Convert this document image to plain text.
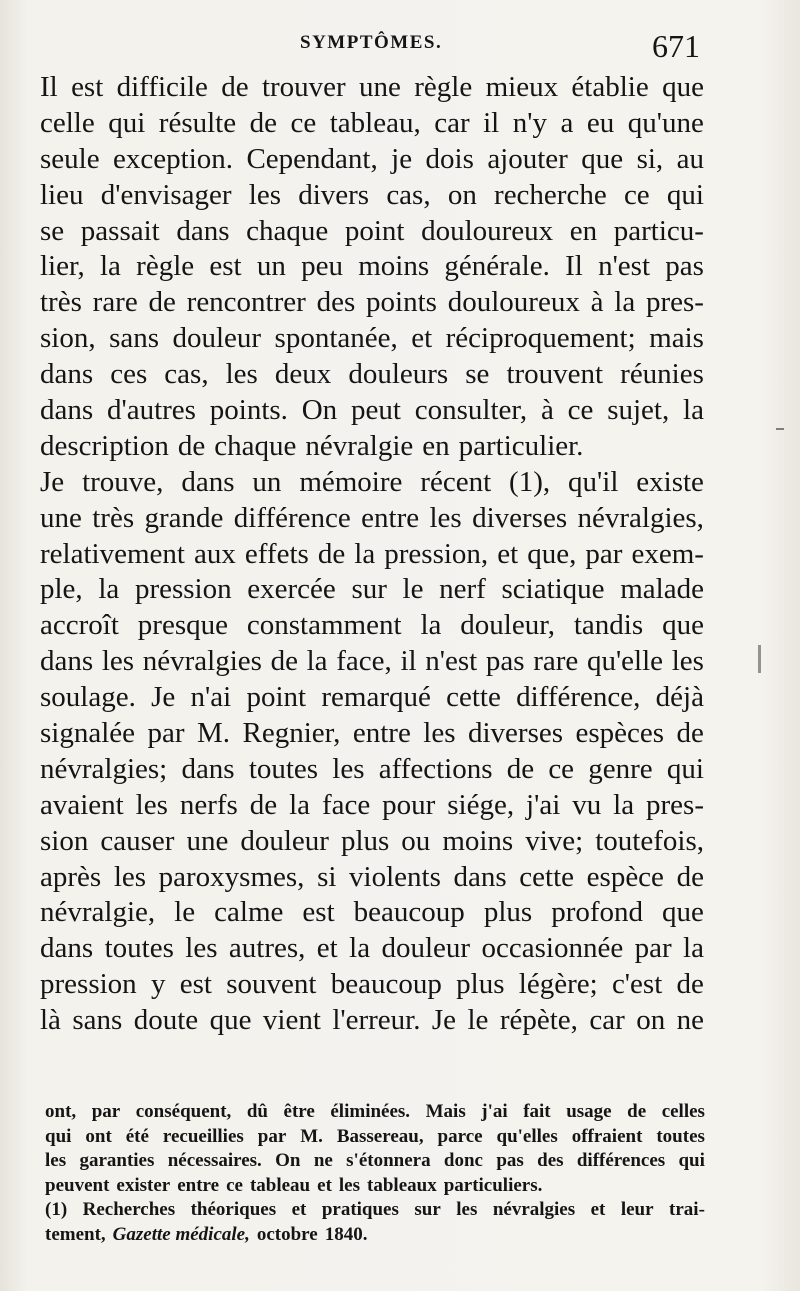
SYMPTÔMES.	671
Il est difficile de trouver une règle mieux établie que
celle qui résulte de ce tableau, car il n'y a eu qu'une
seule exception. Cependant, je dois ajouter que si, au
lieu d'envisager les divers cas, on recherche ce qui
se passait dans chaque point douloureux en particu-
lier, la règle est un peu moins générale. Il n'est pas
très rare de rencontrer des points douloureux à la pres-
sion, sans douleur spontanée, et réciproquement; mais
dans ces cas, les deux douleurs se trouvent réunies
dans d'autres points. On peut consulter, à ce sujet, la
description de chaque névralgie en particulier.
Je trouve, dans un mémoire récent (1), qu'il existe
une très grande différence entre les diverses névralgies,
relativement aux effets de la pression, et que, par exem-
ple, la pression exercée sur le nerf sciatique malade
accroît presque constamment la douleur, tandis que
dans les névralgies de la face, il n'est pas rare qu'elle les
soulage. Je n'ai point remarqué cette différence, déjà
signalée par M. Regnier, entre les diverses espèces de
névralgies; dans toutes les affections de ce genre qui
avaient les nerfs de la face pour siége, j'ai vu la pres-
sion causer une douleur plus ou moins vive; toutefois,
après les paroxysmes, si violents dans cette espèce de
névralgie, le calme est beaucoup plus profond que
dans toutes les autres, et la douleur occasionnée par la
pression y est souvent beaucoup plus légère; c'est de
là sans doute que vient l'erreur. Je le répète, car on ne
ont, par conséquent, dû être éliminées. Mais j'ai fait usage de celles
qui ont été recueillies par M. Bassereau, parce qu'elles offraient toutes
les garanties nécessaires. On ne s'étonnera donc pas des différences qui
peuvent exister entre ce tableau et les tableaux particuliers.
(1) Recherches théoriques et pratiques sur les névralgies et leur trai-
tement, Gazette médicale, octobre 1840.
